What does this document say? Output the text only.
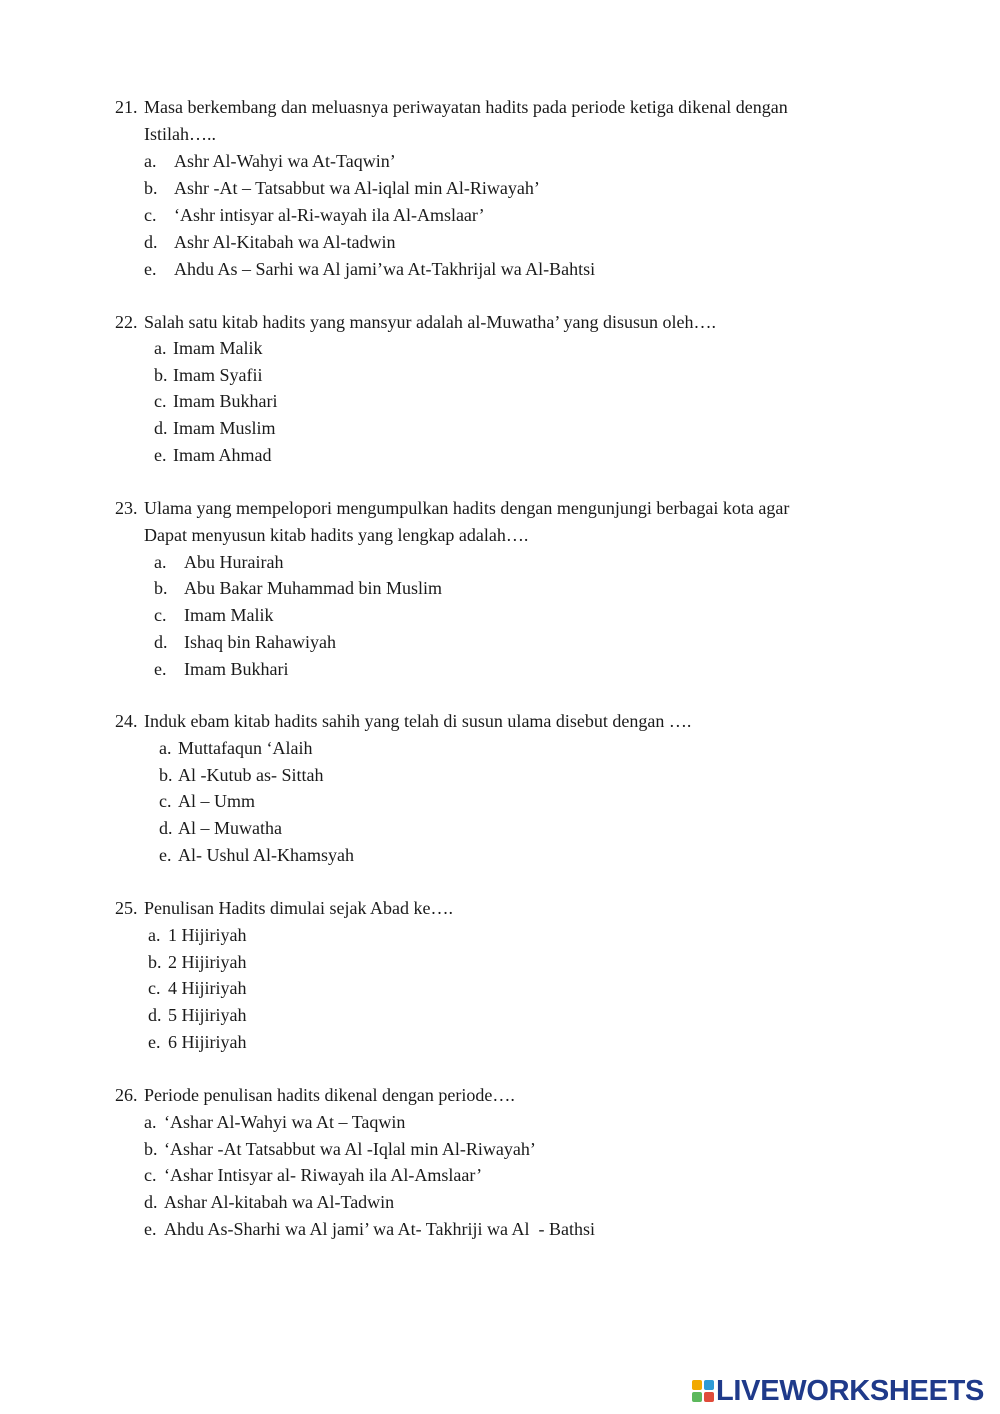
21. Masa berkembang dan meluasnya periwayatan hadits pada periode ketiga dikenal dengan
Istilah…..
a. Ashr Al-Wahyi wa At-Taqwin’
b. Ashr -At – Tatsabbut wa Al-iqlal min Al-Riwayah’
c. ‘Ashr intisyar al-Ri-wayah ila Al-Amslaar’
d. Ashr Al-Kitabah wa Al-tadwin
e. Ahdu As – Sarhi wa Al jami’wa At-Takhrijal wa Al-Bahtsi
22. Salah satu kitab hadits yang mansyur adalah al-Muwatha’ yang disusun oleh….
a. Imam Malik
b. Imam Syafii
c. Imam Bukhari
d. Imam Muslim
e. Imam Ahmad
23. Ulama yang mempelopori mengumpulkan hadits dengan mengunjungi berbagai kota agar
Dapat menyusun kitab hadits yang lengkap adalah….
a. Abu Hurairah
b. Abu Bakar Muhammad bin Muslim
c. Imam Malik
d. Ishaq bin Rahawiyah
e. Imam Bukhari
24. Induk ebam kitab hadits sahih yang telah di susun ulama disebut dengan ….
a. Muttafaqun ‘Alaih
b. Al -Kutub as- Sittah
c. Al – Umm
d. Al – Muwatha
e. Al- Ushul Al-Khamsyah
25. Penulisan Hadits dimulai sejak Abad ke….
a. 1 Hijiriyah
b. 2 Hijiriyah
c. 4 Hijiriyah
d. 5 Hijiriyah
e. 6 Hijiriyah
26. Periode penulisan hadits dikenal dengan periode….
a. ‘Ashar Al-Wahyi wa At – Taqwin
b. ‘Ashar -At Tatsabbut wa Al -Iqlal min Al-Riwayah’
c. ‘Ashar Intisyar al- Riwayah ila Al-Amslaar’
d. Ashar Al-kitabah wa Al-Tadwin
e. Ahdu As-Sharhi wa Al jami’ wa At- Takhriji wa Al  - Bathsi
LIVEWORKSHEETS
